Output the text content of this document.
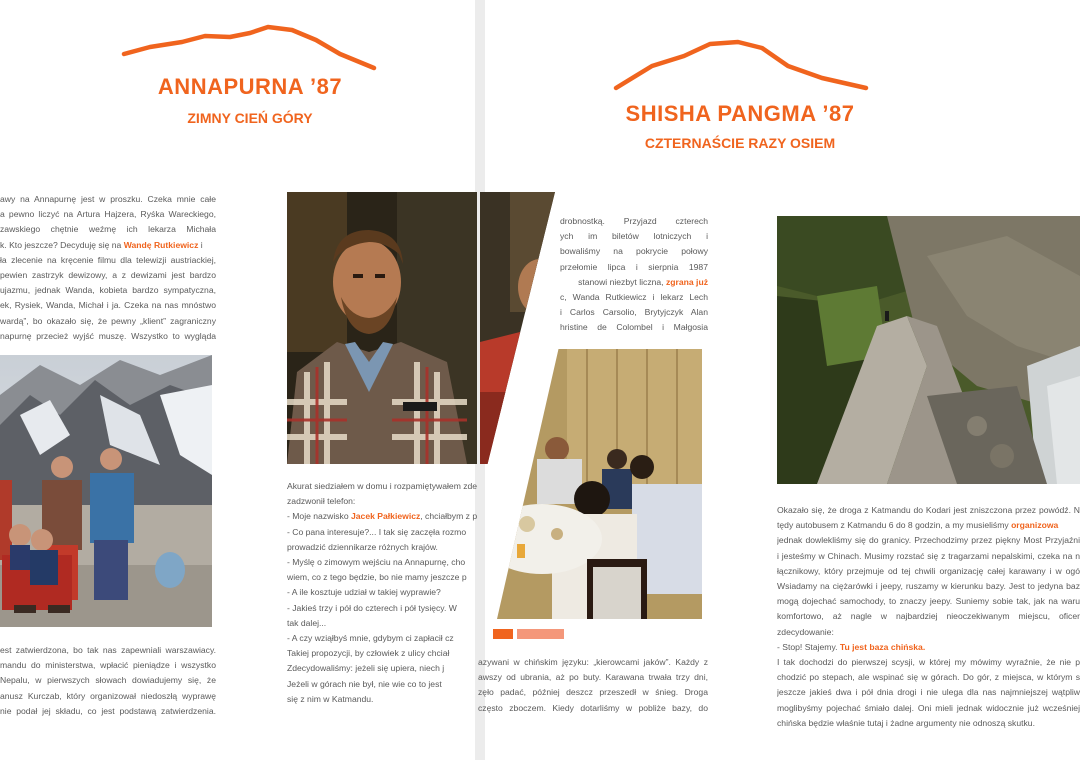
ANNAPURNA ’87
ZIMNY CIEŃ GÓRY	SHISHA PANGMA ’87
CZTERNAŚCIE RAZY OSIEM
awy na Annapurnę jest w proszku. Czeka mnie całe
a pewno liczyć na Artura Hajzera, Ryśka Wareckiego,
zawskiego chętnie weźmę ich lekarza Michała
k. Kto jeszcze? Decyduję się na Wandę Rutkiewicz i
ła zlecenie na kręcenie filmu dla telewizji austriackiej,
pewien zastrzyk dewizowy, a z dewizami jest bardzo
ujazmu, jednak Wanda, kobieta bardzo sympatyczna,
ek, Rysiek, Wanda, Michał i ja. Czeka na nas mnóstwo
wardą”, bo okazało się, że pewny „klient” zagraniczny
napurnę przecież wyjść muszę. Wszystko to wygląda
est zatwierdzona, bo tak nas zapewniali warszawiacy.
mandu do ministerstwa, wpłacić pieniądze i wszystko
Nepalu, w pierwszych słowach dowiadujemy się, że
anusz Kurczab, który organizował niedoszłą wyprawę
nie podał jej składu, co jest podstawą zatwierdzenia.
Akurat siedziałem w domu i rozpamiętywałem zde
zadzwonił telefon:
- Moje nazwisko Jacek Pałkiewicz, chciałbym z p
- Co pana interesuje?... I tak się zaczęła rozmo
prowadzić dziennikarze różnych krajów.
- Myślę o zimowym wejściu na Annapurnę, cho
wiem, co z tego będzie, bo nie mamy jeszcze p
- A ile kosztuje udział w takiej wyprawie?
- Jakieś trzy i pół do czterech i pół tysięcy. W
tak dalej...
- A czy wziąłbyś mnie, gdybym ci zapłacił cz
Takiej propozycji, by człowiek z ulicy chciał
Zdecydowaliśmy: jeżeli się upiera, niech j
Jeżeli w górach nie był, nie wie co to jest
się z nim w Katmandu.
drobnostką. Przyjazd czterech
ych im biletów lotniczych i
bowaliśmy na pokrycie połowy
przełomie lipca i sierpnia 1987
stanowi niezbyt liczna, zgrana już
c, Wanda Rutkiewicz i lekarz Lech
i Carlos Carsolio, Brytyjczyk Alan
hristine de Colombel i Małgosia
azywani w chińskim języku: „kierowcami jaków”. Każdy z
awszy od ubrania, aż po buty. Karawana trwała trzy dni,
zęło padać, później deszcz przeszedł w śnieg. Droga
często zboczem. Kiedy dotarliśmy w pobliże bazy, do
Okazało się, że droga z Katmandu do Kodari jest zniszczona przez powódź. N
tędy autobusem z Katmandu 6 do 8 godzin, a my musieliśmy organizowa
jednak dowlekliśmy się do granicy. Przechodzimy przez piękny Most Przyjaźni
i jesteśmy w Chinach. Musimy rozstać się z tragarzami nepalskimi, czeka na n
łącznikowy, który przejmuje od tej chwili organizację całej karawany i w ogó
Wsiadamy na ciężarówki i jeepy, ruszamy w kierunku bazy. Jest to jedyna baz
mogą dojechać samochody, to znaczy jeepy. Suniemy sobie tak, jak na waru
komfortowo, aż nagle w najbardziej nieoczekiwanym miejscu, oficer
zdecydowanie:
- Stop! Stajemy. Tu jest baza chińska.
I tak dochodzi do pierwszej scysji, w której my mówimy wyraźnie, że nie p
chodzić po stepach, ale wspinać się w górach. Do gór, z miejsca, w którym s
jeszcze jakieś dwa i pół dnia drogi i nie ulega dla nas najmniejszej wątpliw
moglibyśmy pojechać śmiało dalej. Oni mieli jednak widocznie już wcześniej
chińska będzie właśnie tutaj i żadne argumenty nie odnoszą skutku.
